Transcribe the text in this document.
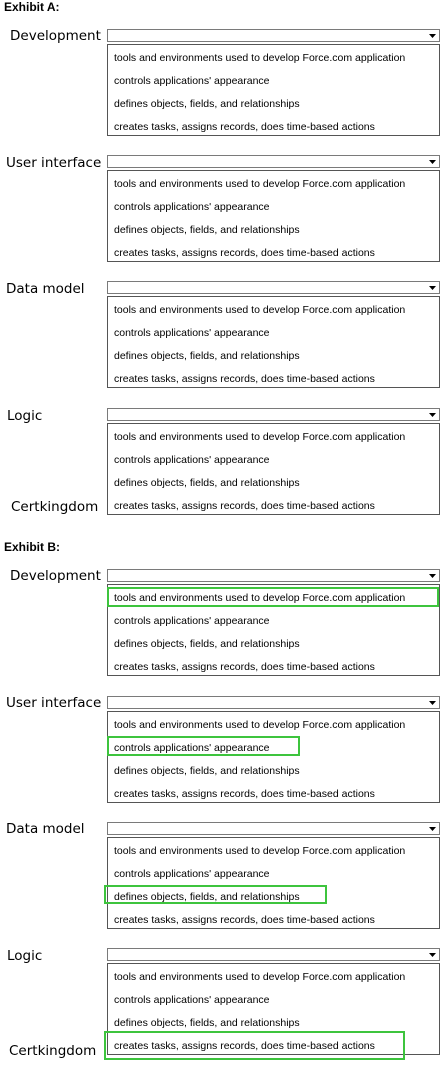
Exhibit A:
Development
tools and environments used to develop Force.com application
controls applications' appearance
defines objects, fields, and relationships
creates tasks, assigns records, does time-based actions
User interface
tools and environments used to develop Force.com application
controls applications' appearance
defines objects, fields, and relationships
creates tasks, assigns records, does time-based actions
Data model
tools and environments used to develop Force.com application
controls applications' appearance
defines objects, fields, and relationships
creates tasks, assigns records, does time-based actions
Logic
tools and environments used to develop Force.com application
controls applications' appearance
defines objects, fields, and relationships
creates tasks, assigns records, does time-based actions
Certkingdom
Exhibit B:
Development
tools and environments used to develop Force.com application
controls applications' appearance
defines objects, fields, and relationships
creates tasks, assigns records, does time-based actions
User interface
tools and environments used to develop Force.com application
controls applications' appearance
defines objects, fields, and relationships
creates tasks, assigns records, does time-based actions
Data model
tools and environments used to develop Force.com application
controls applications' appearance
defines objects, fields, and relationships
creates tasks, assigns records, does time-based actions
Logic
tools and environments used to develop Force.com application
controls applications' appearance
defines objects, fields, and relationships
creates tasks, assigns records, does time-based actions
Certkingdom
